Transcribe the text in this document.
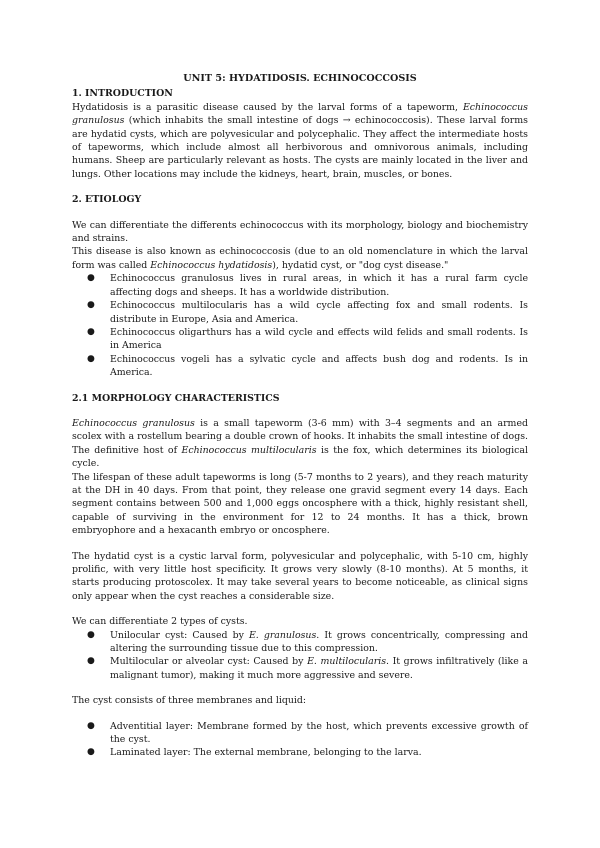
UNIT 5: HYDATIDOSIS. ECHINOCOCCOSIS
1. INTRODUCTION

Hydatidosis is a parasitic disease caused by the larval forms of a tapeworm, Echinococcus granulosus (which inhabits the small intestine of dogs → echinococcosis). These larval forms are hydatid cysts, which are polyvesicular and polycephalic. They affect the intermediate hosts of tapeworms, which include almost all herbivorous and omnivorous animals, including humans. Sheep are particularly relevant as hosts. The cysts are mainly located in the liver and lungs. Other locations may include the kidneys, heart, brain, muscles, or bones.

2. ETIOLOGY

We can differentiate the differents echinococcus with its morphology, biology and biochemistry and strains.

This disease is also known as echinococcosis (due to an old nomenclature in which the larval form was called Echinococcus hydatidosis), hydatid cyst, or "dog cyst disease."

● Echinococcus granulosus lives in rural areas, in which it has a rural farm cycle affecting dogs and sheeps. It has a worldwide distribution.
● Echinococcus multilocularis has a wild cycle affecting fox and small rodents. Is distribute in Europe, Asia and America.
● Echinococcus oligarthurs has a wild cycle and effects wild felids and small rodents. Is in America
● Echinococcus vogeli has a sylvatic cycle and affects bush dog and rodents. Is in America.
2.1 MORPHOLOGY CHARACTERISTICS

Echinococcus granulosus is a small tapeworm (3-6 mm) with 3–4 segments and an armed scolex with a rostellum bearing a double crown of hooks. It inhabits the small intestine of dogs. The definitive host of Echinococcus multilocularis is the fox, which determines its biological cycle.

The lifespan of these adult tapeworms is long (5-7 months to 2 years), and they reach maturity at the DH in 40 days. From that point, they release one gravid segment every 14 days. Each segment contains between 500 and 1,000 eggs oncosphere with a thick, highly resistant shell, capable of surviving in the environment for 12 to 24 months. It has a thick, brown embryophore and a hexacanth embryo or oncosphere.

The hydatid cyst is a cystic larval form, polyvesicular and polycephalic, with 5-10 cm, highly prolific, with very little host specificity. It grows very slowly (8-10 months). At 5 months, it starts producing protoscolex. It may take several years to become noticeable, as clinical signs only appear when the cyst reaches a considerable size.

We can differentiate 2 types of cysts.

● Unilocular cyst: Caused by E. granulosus. It grows concentrically, compressing and altering the surrounding tissue due to this compression.
● Multilocular or alveolar cyst: Caused by E. multilocularis. It grows infiltratively (like a malignant tumor), making it much more aggressive and severe.

The cyst consists of three membranes and liquid:

● Adventitial layer: Membrane formed by the host, which prevents excessive growth of the cyst.
● Laminated layer: The external membrane, belonging to the larva.
